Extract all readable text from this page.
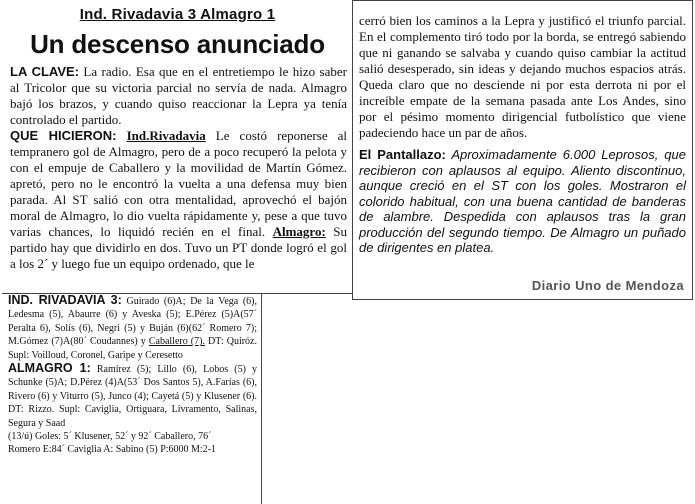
Ind. Rivadavia 3 Almagro 1
Un descenso anunciado

LA CLAVE: La radio. Esa que en el entretiempo le hizo saber al Tricolor que su victoria parcial no servía de nada. Almagro bajó los brazos, y cuando quiso reaccionar la Lepra ya tenía controlado el partido.

QUE HICIERON: Ind.Rivadavia Le costó reponerse al tempranero gol de Almagro, pero de a poco recuperó la pelota y con el empuje de Caballero y la movilidad de Martín Gómez. apretó, pero no le encontró la vuelta a una defensa muy bien parada. Al ST salió con otra mentalidad, aprovechó el bajón moral de Almagro, lo dio vuelta rápidamente y, pese a que tuvo varias chances, lo liquidó recién en el final. Almagro: Su partido hay que dividirlo en dos. Tuvo un PT donde logró el gol a los 2´ y luego fue un equipo ordenado, que le

cerró bien los caminos a la Lepra y justificó el triunfo parcial. En el complemento tiró todo por la borda, se entregó sabiendo que ni ganando se salvaba y cuando quiso cambiar la actitud salió desesperado, sin ideas y dejando muchos espacios atrás. Queda claro que no desciende ni por esta derrota ni por el increíble empate de la semana pasada ante Los Andes, sino por el pésimo momento dirigencial futbolístico que viene padeciendo hace un par de años.

El Pantallazo: Aproximadamente 6.000 Leprosos, que recibieron con aplausos al equipo. Aliento discontinuo, aunque creció en el ST con los goles. Mostraron el colorido habitual, con una buena cantidad de banderas de alambre. Despedida con aplausos tras la gran producción del segundo tiempo. De Almagro un puñado de dirigentes en platea.

Diario Uno de Mendoza

IND. RIVADAVIA 3: Guirado (6)A; De la Vega (6), Ledesma (5), Abaurre (6) y Aveska (5); E.Pérez (5)A(57´ Peralta 6), Solís (6), Negri (5) y Buján (6)(62´ Romero 7); M.Gómez (7)A(80´ Coudannes) y Caballero (7). DT: Quiróz. Supl: Voilloud, Coronel, Garipe y Ceresetto

ALMAGRO 1: Ramírez (5); Lillo (6), Lobos (5) y Schunke (5)A; D.Pérez (4)A(53´ Dos Santos 5), A.Farías (6), Rivero (6) y Viturro (5), Junco (4); Cayetá (5) y Klusener (6). DT: Rizzo. Supl: Caviglia, Ortiguara, Livramento, Salinas, Segura y Saad

(13/ú) Goles: 5´ Klusener, 52´ y 92´ Caballero, 76´
Romero E:84´ Caviglia A: Sabino (5) P:6000 M:2-1
